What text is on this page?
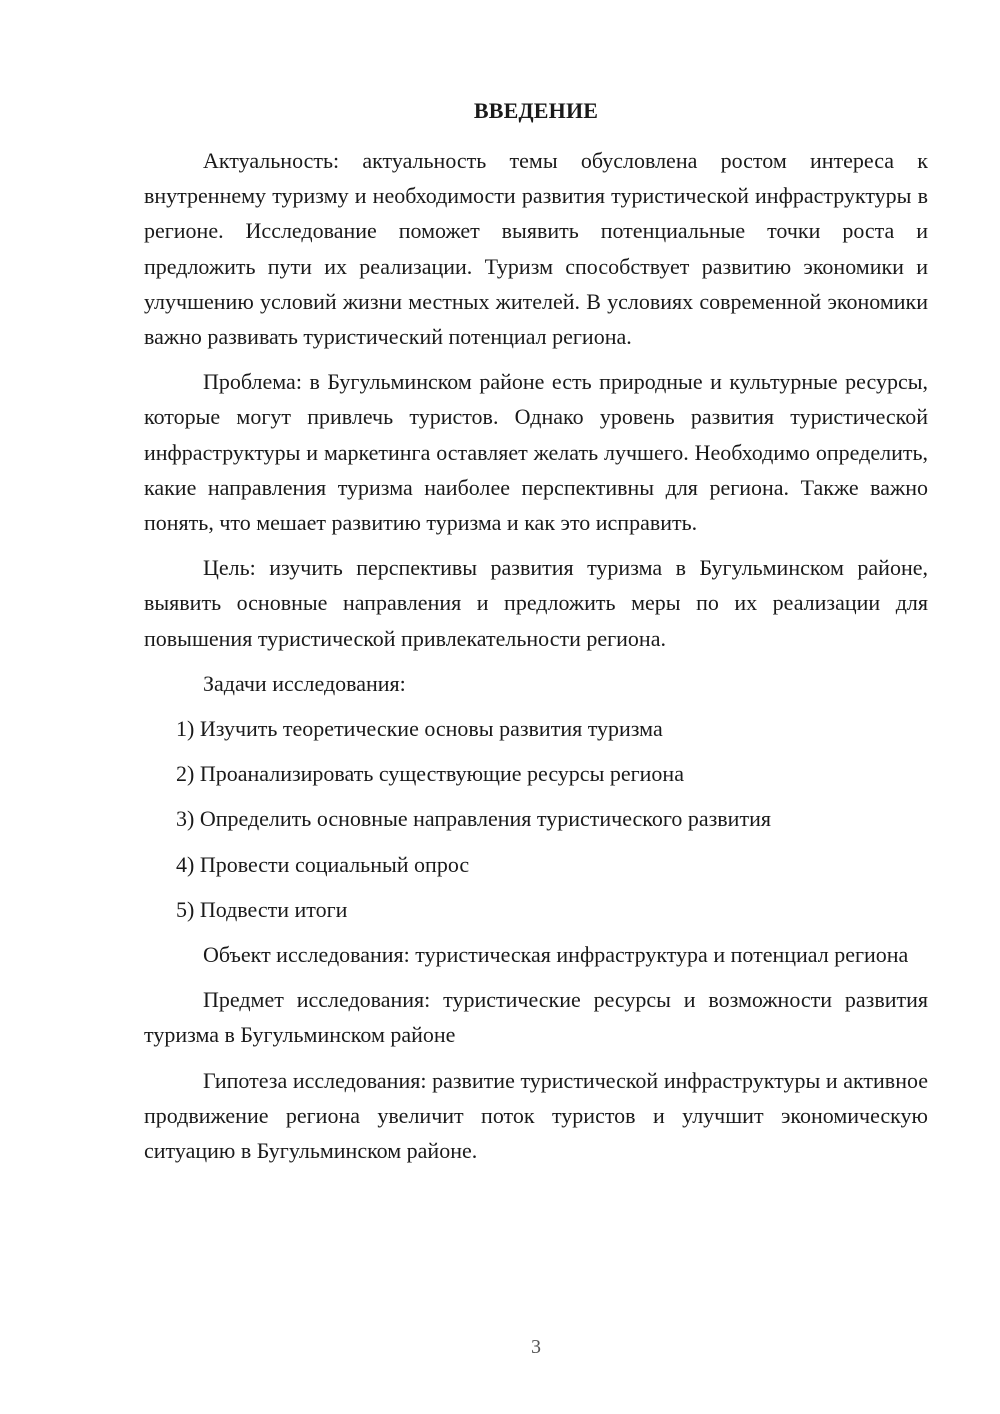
ВВЕДЕНИЕ

Актуальность: актуальность темы обусловлена ростом интереса к внутреннему туризму и необходимости развития туристической инфраструктуры в регионе. Исследование поможет выявить потенциальные точки роста и предложить пути их реализации. Туризм способствует развитию экономики и улучшению условий жизни местных жителей. В условиях современной экономики важно развивать туристический потенциал региона.

Проблема: в Бугульминском районе есть природные и культурные ресурсы, которые могут привлечь туристов. Однако уровень развития туристической инфраструктуры и маркетинга оставляет желать лучшего. Необходимо определить, какие направления туризма наиболее перспективны для региона. Также важно понять, что мешает развитию туризма и как это исправить.

Цель: изучить перспективы развития туризма в Бугульминском районе, выявить основные направления и предложить меры по их реализации для повышения туристической привлекательности региона.

Задачи исследования:

1) Изучить теоретические основы развития туризма
2) Проанализировать существующие ресурсы региона
3) Определить основные направления туристического развития
4) Провести социальный опрос
5) Подвести итоги

Объект исследования: туристическая инфраструктура и потенциал региона

Предмет исследования: туристические ресурсы и возможности развития туризма в Бугульминском районе

Гипотеза исследования: развитие туристической инфраструктуры и активное продвижение региона увеличит поток туристов и улучшит экономическую ситуацию в Бугульминском районе.

3
